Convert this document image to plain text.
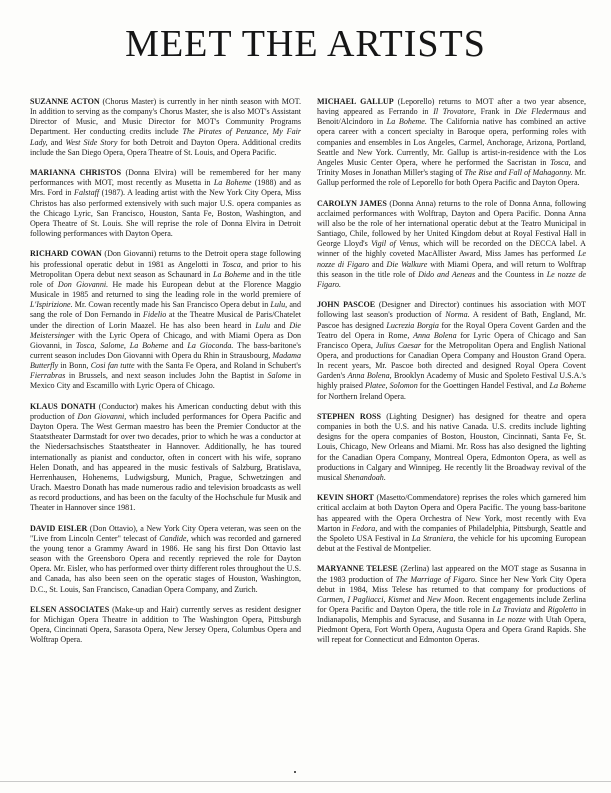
MEET THE ARTISTS

SUZANNE ACTON (Chorus Master) is currently in her ninth season with MOT. In addition to serving as the company's Chorus Master, she is also MOT's Assistant Director of Music, and Music Director for MOT's Community Programs Department. Her conducting credits include The Pirates of Penzance, My Fair Lady, and West Side Story for both Detroit and Dayton Opera. Additional credits include the San Diego Opera, Opera Theatre of St. Louis, and Opera Pacific.

MARIANNA CHRISTOS (Donna Elvira) will be remembered for her many performances with MOT, most recently as Musetta in La Boheme (1988) and as Mrs. Ford in Falstaff (1987). A leading artist with the New York City Opera, Miss Christos has also performed extensively with such major U.S. opera companies as the Chicago Lyric, San Francisco, Houston, Santa Fe, Boston, Washington, and Opera Theatre of St. Louis. She will reprise the role of Donna Elvira in Detroit following performances with Dayton Opera.

RICHARD COWAN (Don Giovanni) returns to the Detroit opera stage following his professional operatic debut in 1981 as Angelotti in Tosca, and prior to his Metropolitan Opera debut next season as Schaunard in La Boheme and in the title role of Don Giovanni. He made his European debut at the Florence Maggio Musicale in 1985 and returned to sing the leading role in the world premiere of L'Ispirizione. Mr. Cowan recently made his San Francisco Opera debut in Lulu, and sang the role of Don Fernando in Fidelio at the Theatre Musical de Paris/Chatelet under the direction of Lorin Maazel. He has also been heard in Lulu and Die Meistersinger with the Lyric Opera of Chicago, and with Miami Opera as Don Giovanni, in Tosca, Salome, La Boheme and La Gioconda. The bass-baritone's current season includes Don Giovanni with Opera du Rhin in Strausbourg, Madama Butterfly in Bonn, Cosi fan tutte with the Santa Fe Opera, and Roland in Schubert's Fierrabras in Brussels, and next season includes John the Baptist in Salome in Mexico City and Escamillo with Lyric Opera of Chicago.

KLAUS DONATH (Conductor) makes his American conducting debut with this production of Don Giovanni, which included performances for Opera Pacific and Dayton Opera. The West German maestro has been the Premier Conductor at the Staatstheater Darmstadt for over two decades, prior to which he was a conductor at the Niedersachsisches Staatstheater in Hannover. Additionally, he has toured internationally as pianist and conductor, often in concert with his wife, soprano Helen Donath, and has appeared in the music festivals of Salzburg, Bratislava, Herrenhausen, Hohenems, Ludwigsburg, Munich, Prague, Schwetzingen and Urach. Maestro Donath has made numerous radio and television broadcasts as well as record productions, and has been on the faculty of the Hochschule fur Musik and Theater in Hannover since 1981.

DAVID EISLER (Don Ottavio), a New York City Opera veteran, was seen on the "Live from Lincoln Center" telecast of Candide, which was recorded and garnered the young tenor a Grammy Award in 1986. He sang his first Don Ottavio last season with the Greensboro Opera and recently reprieved the role for Dayton Opera. Mr. Eisler, who has performed over thirty different roles throughout the U.S. and Canada, has also been seen on the operatic stages of Houston, Washington, D.C., St. Louis, San Francisco, Canadian Opera Company, and Zurich.

ELSEN ASSOCIATES (Make-up and Hair) currently serves as resident designer for Michigan Opera Theatre in addition to The Washington Opera, Pittsburgh Opera, Cincinnati Opera, Sarasota Opera, New Jersey Opera, Columbus Opera and Wolftrap Opera.

MICHAEL GALLUP (Leporello) returns to MOT after a two year absence, having appeared as Ferrando in Il Trovatore, Frank in Die Fledermaus and Benoit/Alcindoro in La Boheme. The California native has combined an active opera career with a concert specialty in Baroque opera, performing roles with companies and ensembles in Los Angeles, Carmel, Anchorage, Arizona, Portland, Seattle and New York. Currently, Mr. Gallup is artist-in-residence with the Los Angeles Music Center Opera, where he performed the Sacristan in Tosca, and Trinity Moses in Jonathan Miller's staging of The Rise and Fall of Mahagonny. Mr. Gallup performed the role of Leporello for both Opera Pacific and Dayton Opera.

CAROLYN JAMES (Donna Anna) returns to the role of Donna Anna, following acclaimed performances with Wolftrap, Dayton and Opera Pacific. Donna Anna will also be the role of her international operatic debut at the Teatro Municipal in Santiago, Chile, followed by her United Kingdom debut at Royal Festival Hall in George Lloyd's Vigil of Venus, which will be recorded on the DECCA label. A winner of the highly coveted MacAllister Award, Miss James has performed Le nozze di Figaro and Die Walkure with Miami Opera, and will return to Wolftrap this season in the title role of Dido and Aeneas and the Countess in Le nozze de Figaro.

JOHN PASCOE (Designer and Director) continues his association with MOT following last season's production of Norma. A resident of Bath, England, Mr. Pascoe has designed Lucrezia Borgia for the Royal Opera Covent Garden and the Teatro del Opera in Rome, Anna Bolena for Lyric Opera of Chicago and San Francisco Opera, Julius Caesar for the Metropolitan Opera and English National Opera, and productions for Canadian Opera Company and Houston Grand Opera. In recent years, Mr. Pascoe both directed and designed Royal Opera Covent Garden's Anna Bolena, Brooklyn Academy of Music and Spoleto Festival U.S.A.'s highly praised Platee, Solomon for the Goettingen Handel Festival, and La Boheme for Northern Ireland Opera.

STEPHEN ROSS (Lighting Designer) has designed for theatre and opera companies in both the U.S. and his native Canada. U.S. credits include lighting designs for the opera companies of Boston, Houston, Cincinnati, Santa Fe, St. Louis, Chicago, New Orleans and Miami. Mr. Ross has also designed the lighting for the Canadian Opera Company, Montreal Opera, Edmonton Opera, as well as productions in Calgary and Winnipeg. He recently lit the Broadway revival of the musical Shenandoah.

KEVIN SHORT (Masetto/Commendatore) reprises the roles which garnered him critical acclaim at both Dayton Opera and Opera Pacific. The young bass-baritone has appeared with the Opera Orchestra of New York, most recently with Eva Marton in Fedora, and with the companies of Philadelphia, Pittsburgh, Seattle and the Spoleto USA Festival in La Straniera, the vehicle for his upcoming European debut at the Festival de Montpelier.

MARYANNE TELESE (Zerlina) last appeared on the MOT stage as Susanna in the 1983 production of The Marriage of Figaro. Since her New York City Opera debut in 1984, Miss Telese has returned to that company for productions of Carmen, I Pagliacci, Kismet and New Moon. Recent engagements include Zerlina for Opera Pacific and Dayton Opera, the title role in La Traviata and Rigoletto in Indianapolis, Memphis and Syracuse, and Susanna in Le nozze with Utah Opera, Piedmont Opera, Fort Worth Opera, Augusta Opera and Opera Grand Rapids. She will repeat for Connecticut and Edmonton Operas.
